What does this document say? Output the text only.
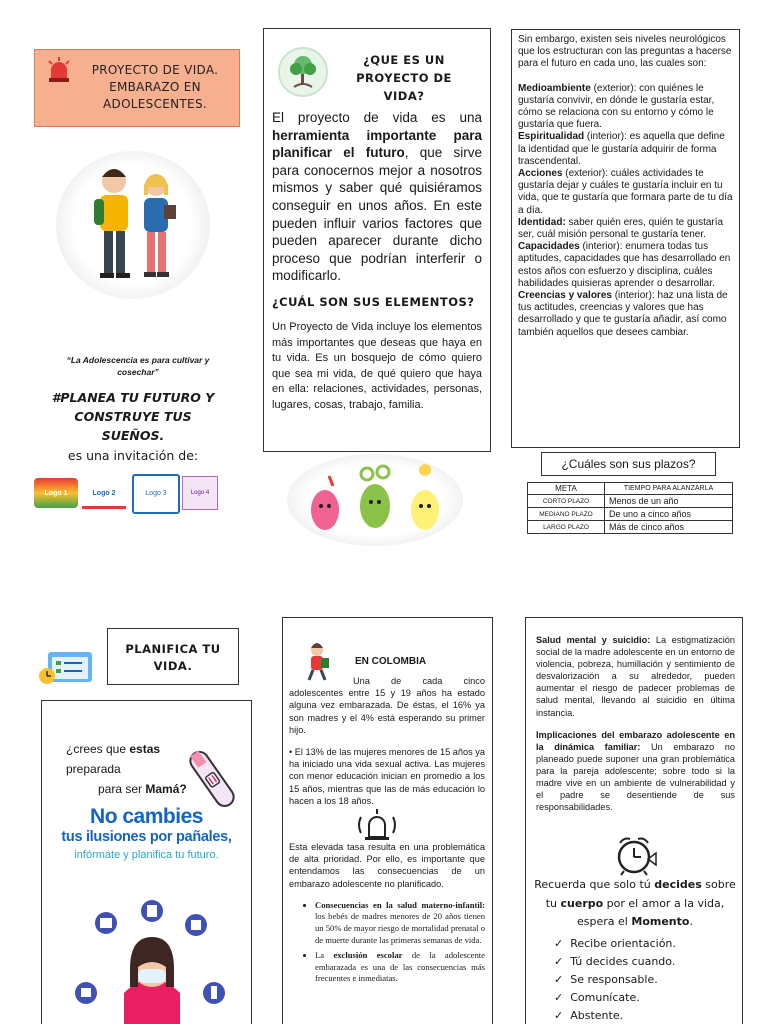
PROYECTO DE VIDA. EMBARAZO EN ADOLESCENTES.
“La Adolescencia es para cultivar y cosechar”
#PLANEA TU FUTURO Y CONSTRUYE TUS SUEÑOS.
es una invitación de:
Logo 1	Logo 2	Logo 3	Logo 4
¿QUE ES UN PROYECTO DE VIDA?

El proyecto de vida es una herramienta importante para planificar el futuro, que sirve para conocernos mejor a nosotros mismos y saber qué quisiéramos conseguir en unos años. En este pueden influir varios factores que pueden aparecer durante dicho proceso que podrían interferir o modificarlo.

¿CUÁL SON SUS ELEMENTOS?

Un Proyecto de Vida incluye los elementos más importantes que deseas que haya en tu vida. Es un bosquejo de cómo quiero que sea mi vida, de qué quiero que haya en ella: relaciones, actividades, personas, lugares, cosas, trabajo, familia.

Sin embargo, existen seis niveles neurológicos que los estructuran con las preguntas a hacerse para el futuro en cada uno, las cuales son:
Medioambiente (exterior): con quiénes le gustaría convivir, en dónde le gustaría estar, cómo se relaciona con su entorno y cómo le gustaría que fuera.
Espiritualidad (interior): es aquella que define la identidad que le gustaría adquirir de forma trascendental.
Acciones (exterior): cuáles actividades te gustaría dejar y cuáles te gustaría incluir en tu vida, que te gustaría que formara parte de tu día a día.
Identidad: saber quién eres, quién te gustaría ser, cuál misión personal te gustaría tener.
Capacidades (interior): enumera todas tus aptitudes, capacidades que has desarrollado en estos años con esfuerzo y disciplina, cuáles habilidades quisieras aprender o desarrollar.
Creencias y valores (interior): haz una lista de tus actitudes, creencias y valores que has desarrollado y que te gustaría añadir, así como también aquellos que desees cambiar.
¿Cuáles son sus plazos?
META	TIEMPO PARA ALANZARLA
CORTO PLAZO	Menos de un año
MEDIANO PLAZO	De uno a cinco años
LARGO PLAZO	Más de cinco años
PLANIFICA TU VIDA.
¿crees que estas preparada
para ser Mamá?
No cambies
tus ilusiones por pañales,
infórmate y planifica tu futuro.
EN COLOMBIA
Una de cada cinco adolescentes entre 15 y 19 años ha estado alguna vez embarazada. De éstas, el 16% ya son madres y el 4% está esperando su primer hijo.
• El 13% de las mujeres menores de 15 años ya ha iniciado una vida sexual activa. Las mujeres con menor educación inician en promedio a los 15 años, mientras que las de más educación lo hacen a los 18 años.
Esta elevada tasa resulta en una problemática de alta prioridad. Por ello, es importante que entendamos las consecuencias de un embarazo adolescente no planificado.
• Consecuencias en la salud materno-infantil: los bebés de madres menores de 20 años tienen un 50% de mayor riesgo de mortalidad prenatal o de muerte durante las primeras semanas de vida.
• La exclusión escolar de la adolescente embarazada es una de las consecuencias más frecuentes e inmediatas.
Salud mental y suicidio: La estigmatización social de la madre adolescente en un entorno de violencia, pobreza, humillación y sentimiento de desvalorización a su alrededor, pueden aumentar el riesgo de padecer problemas de salud mental, llevando al suicidio en última instancia.
Implicaciones del embarazo adolescente en la dinámica familiar: Un embarazo no planeado puede suponer una gran problemática para la pareja adolescente; sobre todo si la madre vive en un ambiente de vulnerabilidad y el padre se desentiende de sus responsabilidades.
Recuerda que solo tú decides sobre
tu cuerpo por el amor a la vida,
espera el Momento.
✓ Recibe orientación.
✓ Tú decides cuando.
✓ Se responsable.
✓ Comunícate.
✓ Abstente.
